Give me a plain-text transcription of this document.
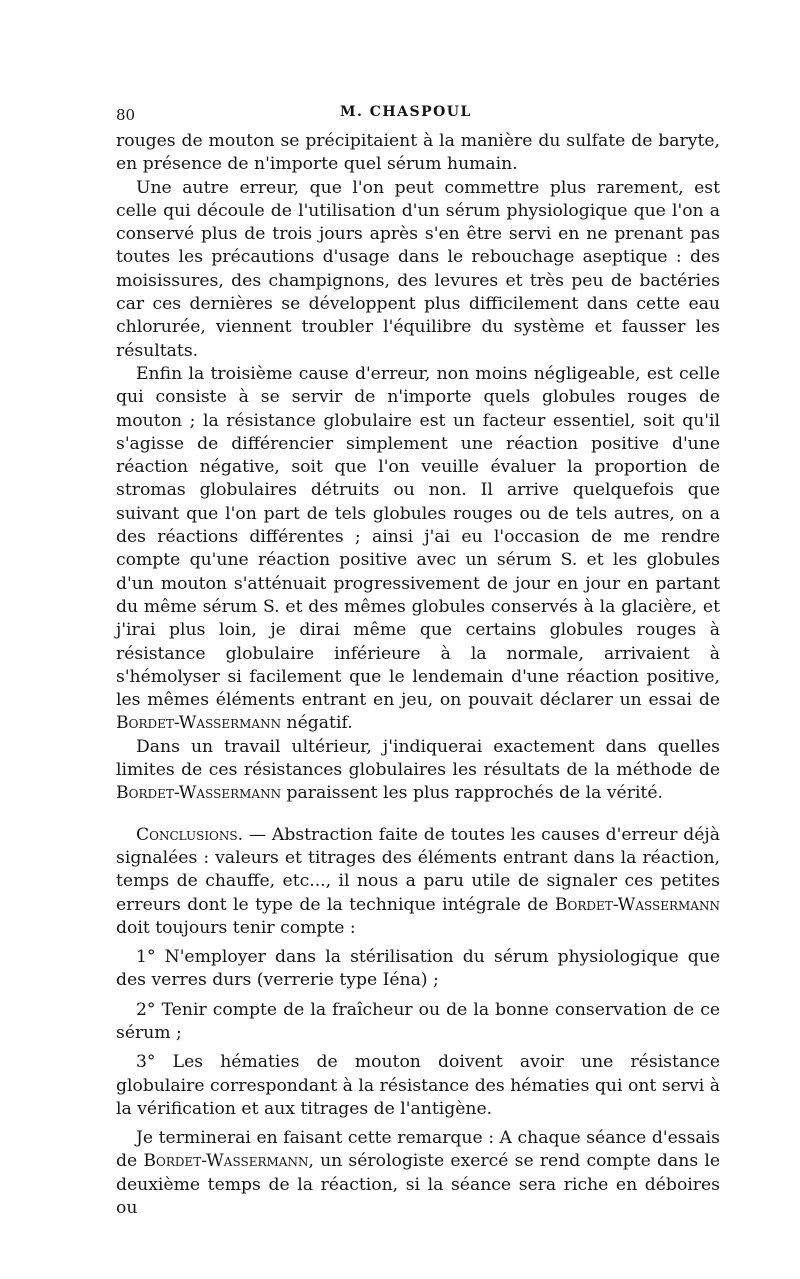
80	M. CHASPOUL

rouges de mouton se précipitaient à la manière du sulfate de baryte, en présence de n'importe quel sérum humain.

Une autre erreur, que l'on peut commettre plus rarement, est celle qui découle de l'utilisation d'un sérum physiologique que l'on a conservé plus de trois jours après s'en être servi en ne prenant pas toutes les précautions d'usage dans le rebouchage aseptique : des moisissures, des champignons, des levures et très peu de bactéries car ces dernières se développent plus difficilement dans cette eau chlorurée, viennent troubler l'équilibre du système et fausser les résultats.

Enfin la troisième cause d'erreur, non moins négligeable, est celle qui consiste à se servir de n'importe quels globules rouges de mouton ; la résistance globulaire est un facteur essentiel, soit qu'il s'agisse de différencier simplement une réaction positive d'une réaction négative, soit que l'on veuille évaluer la proportion de stromas globulaires détruits ou non. Il arrive quelquefois que suivant que l'on part de tels globules rouges ou de tels autres, on a des réactions différentes ; ainsi j'ai eu l'occasion de me rendre compte qu'une réaction positive avec un sérum S. et les globules d'un mouton s'atténuait progressivement de jour en jour en partant du même sérum S. et des mêmes globules conservés à la glacière, et j'irai plus loin, je dirai même que certains globules rouges à résistance globulaire inférieure à la normale, arrivaient à s'hémolyser si facilement que le lendemain d'une réaction positive, les mêmes éléments entrant en jeu, on pouvait déclarer un essai de Bordet-Wassermann négatif.

Dans un travail ultérieur, j'indiquerai exactement dans quelles limites de ces résistances globulaires les résultats de la méthode de Bordet-Wassermann paraissent les plus rapprochés de la vérité.

Conclusions. — Abstraction faite de toutes les causes d'erreur déjà signalées : valeurs et titrages des éléments entrant dans la réaction, temps de chauffe, etc..., il nous a paru utile de signaler ces petites erreurs dont le type de la technique intégrale de Bordet-Wassermann doit toujours tenir compte :

1° N'employer dans la stérilisation du sérum physiologique que des verres durs (verrerie type Iéna) ;

2° Tenir compte de la fraîcheur ou de la bonne conservation de ce sérum ;

3° Les hématies de mouton doivent avoir une résistance globulaire correspondant à la résistance des hématies qui ont servi à la vérification et aux titrages de l'antigène.

Je terminerai en faisant cette remarque : A chaque séance d'essais de Bordet-Wassermann, un sérologiste exercé se rend compte dans le deuxième temps de la réaction, si la séance sera riche en déboires ou
